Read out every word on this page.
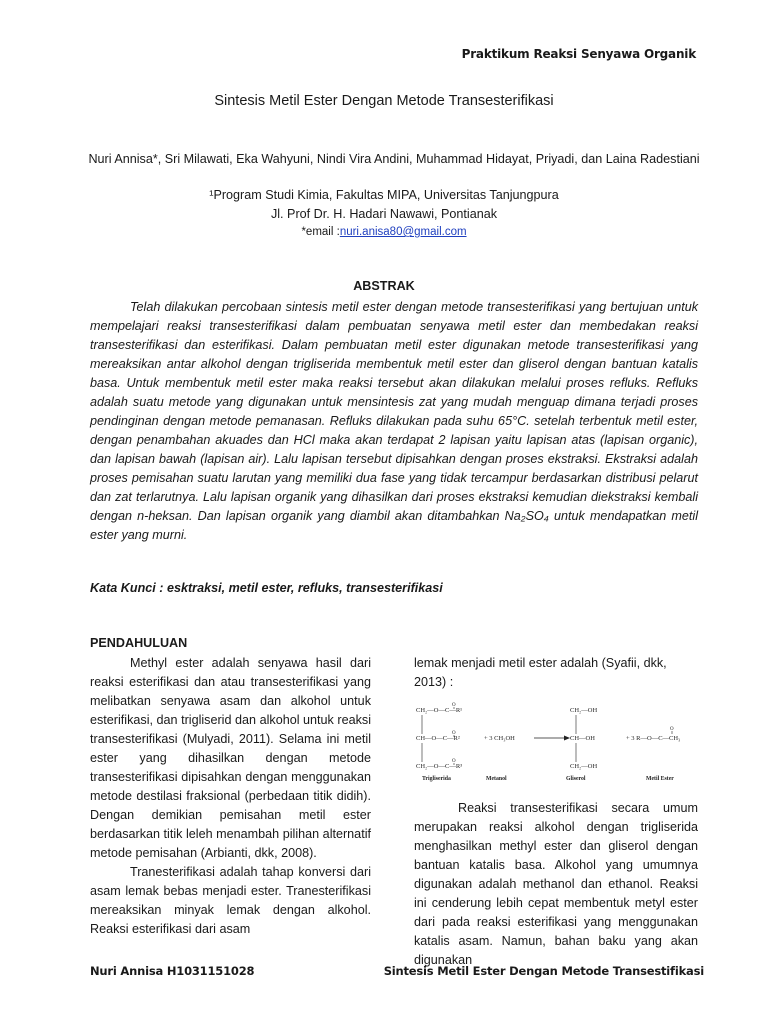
Praktikum Reaksi Senyawa Organik
Sintesis Metil Ester Dengan Metode Transesterifikasi
Nuri Annisa*, Sri Milawati, Eka Wahyuni, Nindi Vira Andini, Muhammad Hidayat, Priyadi, dan Laina Radestiani
¹Program Studi Kimia, Fakultas MIPA, Universitas Tanjungpura
Jl. Prof Dr. H. Hadari Nawawi, Pontianak
*email :nuri.anisa80@gmail.com
ABSTRAK
Telah dilakukan percobaan sintesis metil ester dengan metode transesterifikasi yang bertujuan untuk mempelajari reaksi transesterifikasi dalam pembuatan senyawa metil ester dan membedakan reaksi transesterifikasi dan esterifikasi. Dalam pembuatan metil ester digunakan metode transesterifikasi yang mereaksikan antar alkohol dengan trigliserida membentuk metil ester dan gliserol dengan bantuan katalis basa. Untuk membentuk metil ester maka reaksi tersebut akan dilakukan melalui proses refluks. Refluks adalah suatu metode yang digunakan untuk mensintesis zat yang mudah menguap dimana terjadi proses pendinginan dengan metode pemanasan. Refluks dilakukan pada suhu 65°C. setelah terbentuk metil ester, dengan penambahan akuades dan HCl maka akan terdapat 2 lapisan yaitu lapisan atas (lapisan organic), dan lapisan bawah (lapisan air). Lalu lapisan tersebut dipisahkan dengan proses ekstraksi. Ekstraksi adalah proses pemisahan suatu larutan yang memiliki dua fase yang tidak tercampur berdasarkan distribusi pelarut dan zat terlarutnya. Lalu lapisan organik yang dihasilkan dari proses ekstraksi kemudian diekstraksi kembali dengan n-heksan. Dan lapisan organik yang diambil akan ditambahkan Na₂SO₄ untuk mendapatkan metil ester yang murni.
Kata Kunci : esktraksi, metil ester, refluks, transesterifikasi
PENDAHULUAN

Methyl ester adalah senyawa hasil dari reaksi esterifikasi dan atau transesterifikasi yang melibatkan senyawa asam dan alkohol untuk esterifikasi, dan trigliserid dan alkohol untuk reaksi transesterifikasi (Mulyadi, 2011). Selama ini metil ester yang dihasilkan dengan metode transesterifikasi dipisahkan dengan menggunakan metode destilasi fraksional (perbedaan titik didih). Dengan demikian pemisahan metil ester berdasarkan titik leleh menambah pilihan alternatif metode pemisahan (Arbianti, dkk, 2008).

Tranesterifikasi adalah tahap konversi dari asam lemak bebas menjadi ester. Tranesterifikasi mereaksikan minyak lemak dengan alkohol. Reaksi esterifikasi dari asam

lemak menjadi metil ester adalah (Syafii, dkk, 2013) :
CH₂—O—C—R¹
CH—O—C—R²
CH₂—O—C—R³
O
O
O
+ 3 CH₃OH
CH₂—OH
CH—OH
CH₂—OH
+ 3 R—O—C—CH₃
O
Trigliserida	Metanol	Gliserol	Metil Ester

Reaksi transesterifikasi secara umum merupakan reaksi alkohol dengan trigliserida menghasilkan methyl ester dan gliserol dengan bantuan katalis basa. Alkohol yang umumnya digunakan adalah methanol dan ethanol. Reaksi ini cenderung lebih cepat membentuk metyl ester dari pada reaksi esterifikasi yang menggunakan katalis asam. Namun, bahan baku yang akan digunakan

Nuri Annisa H1031151028	Sintesis Metil Ester Dengan Metode Transestifikasi
